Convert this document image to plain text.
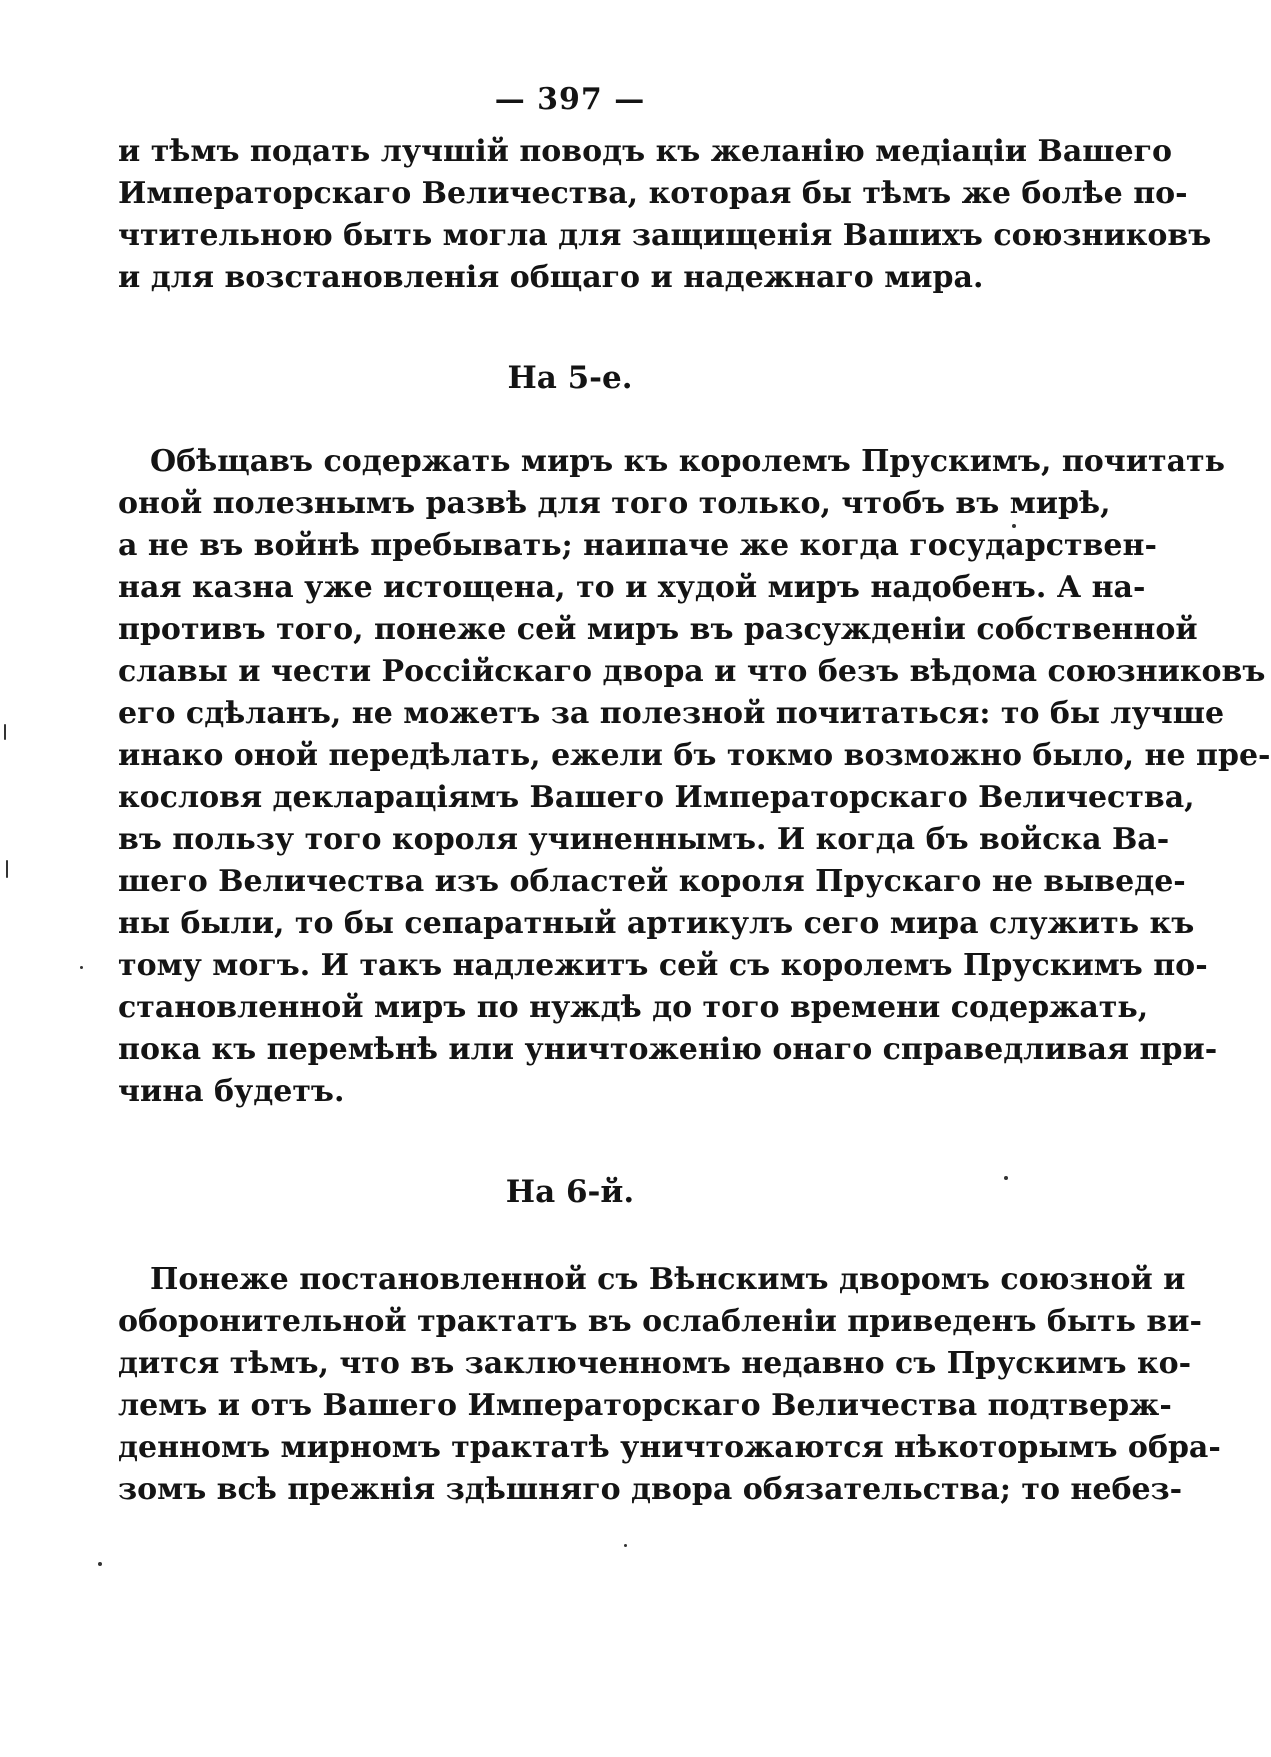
— 397 —
и тѣмъ подать лучшій поводъ къ желанію медіаціи Вашего
Императорскаго Величества, которая бы тѣмъ же болѣе по-
чтительною быть могла для защищенія Вашихъ союзниковъ
и для возстановленія общаго и надежнаго мира.
На 5-е.
Обѣщавъ содержать миръ къ королемъ Прускимъ, почитать
оной полезнымъ развѣ для того только, чтобъ въ мирѣ,
а не въ войнѣ пребывать; наипаче же когда государствен-
ная казна уже истощена, то и худой миръ надобенъ. А на-
противъ того, понеже сей миръ въ разсужденіи собственной
славы и чести Россійскаго двора и что безъ вѣдома союзниковъ
его сдѣланъ, не можетъ за полезной почитаться: то бы лучше
инако оной передѣлать, ежели бъ токмо возможно было, не пре-
кословя деклараціямъ Вашего Императорскаго Величества,
въ пользу того короля учиненнымъ. И когда бъ войска Ва-
шего Величества изъ областей короля Прускаго не выведе-
ны были, то бы сепаратный артикулъ сего мира служить къ
тому могъ. И такъ надлежитъ сей съ королемъ Прускимъ по-
становленной миръ по нуждѣ до того времени содержать,
пока къ перемѣнѣ или уничтоженію онаго справедливая при-
чина будетъ.
На 6-й.
Понеже постановленной съ Вѣнскимъ дворомъ союзной и
оборонительной трактатъ въ ослабленіи приведенъ быть ви-
дится тѣмъ, что въ заключенномъ недавно съ Прускимъ ко-
лемъ и отъ Вашего Императорскаго Величества подтверж-
денномъ мирномъ трактатѣ уничтожаются нѣкоторымъ обра-
зомъ всѣ прежнія здѣшняго двора обязательства; то небез-
